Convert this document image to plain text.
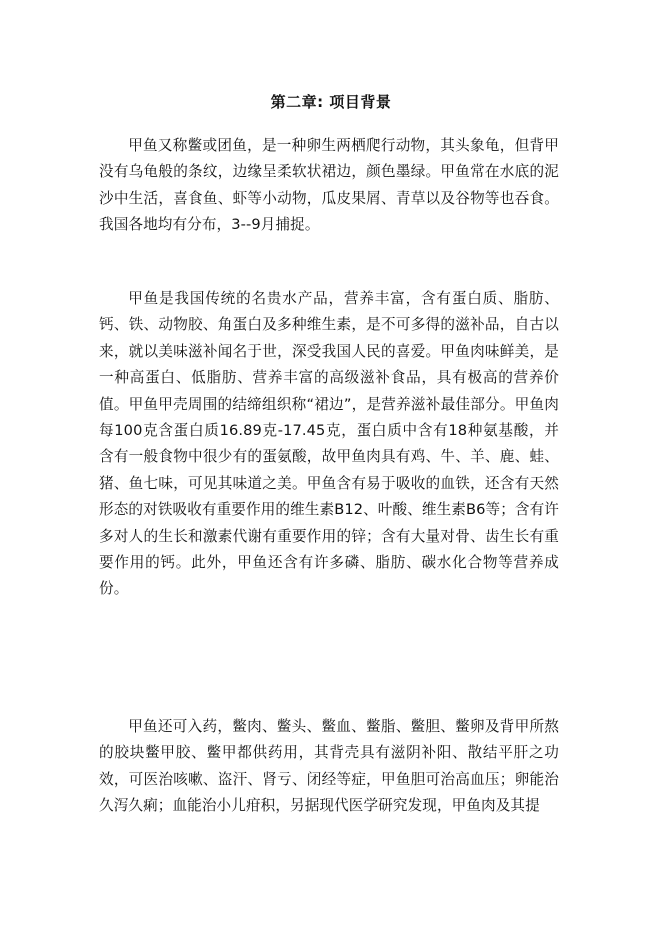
第二章: 项目背景

甲鱼又称鳖或团鱼，是一种卵生两栖爬行动物，其头象龟，但背甲没有乌龟般的条纹，边缘呈柔软状裙边，颜色墨绿。甲鱼常在水底的泥沙中生活，喜食鱼、虾等小动物，瓜皮果屑、青草以及谷物等也吞食。我国各地均有分布，3--9月捕捉。

甲鱼是我国传统的名贵水产品，营养丰富，含有蛋白质、脂肪、钙、铁、动物胶、角蛋白及多种维生素，是不可多得的滋补品，自古以来，就以美味滋补闻名于世，深受我国人民的喜爱。甲鱼肉味鲜美，是一种高蛋白、低脂肪、营养丰富的高级滋补食品，具有极高的营养价值。甲鱼甲壳周围的结缔组织称“裙边”，是营养滋补最佳部分。甲鱼肉每100克含蛋白质16.89克-17.45克，蛋白质中含有18种氨基酸，并含有一般食物中很少有的蛋氨酸，故甲鱼肉具有鸡、牛、羊、鹿、蛙、猪、鱼七味，可见其味道之美。甲鱼含有易于吸收的血铁，还含有天然形态的对铁吸收有重要作用的维生素B12、叶酸、维生素B6等；含有许多对人的生长和激素代谢有重要作用的锌；含有大量对骨、齿生长有重要作用的钙。此外，甲鱼还含有许多磷、脂肪、碳水化合物等营养成份。

甲鱼还可入药，鳖肉、鳖头、鳖血、鳖脂、鳖胆、鳖卵及背甲所熬的胶块鳖甲胶、鳖甲都供药用，其背壳具有滋阴补阳、散结平肝之功效，可医治咳嗽、盗汗、肾亏、闭经等症，甲鱼胆可治高血压；卵能治久泻久痢；血能治小儿疳积，另据现代医学研究发现，甲鱼肉及其提
